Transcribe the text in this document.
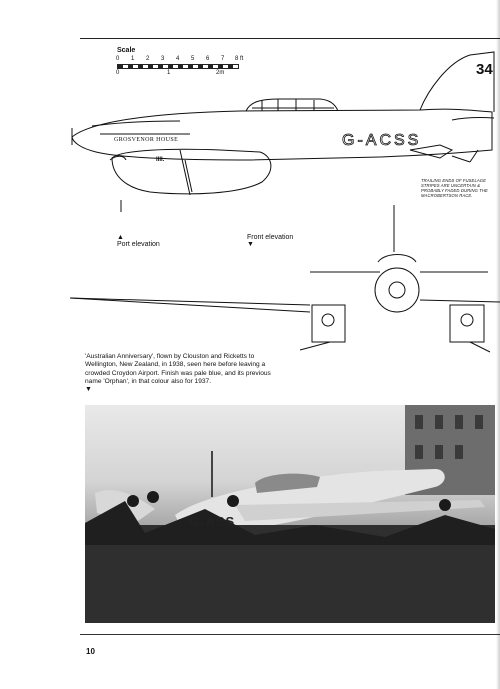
Scale
0 1 2 3 4 5 6 7 8 ft
0	1	2m
G-ACSS
GROSVENOR HOUSE
IIII.
34
▲
Port elevation
Front elevation
▼
TRAILING ENDS OF FUSELAGE STRIPES ARE UNCERTAIN & PROBABLY FADED DURING THE MACROBERTSON RACE.
'Australian Anniversary', flown by Clouston and Ricketts to Wellington, New Zealand, in 1938, seen here before leaving a crowded Croydon Airport. Finish was pale blue, and its previous name 'Orphan', in that colour also for 1937.
▼
G-ASS
10
